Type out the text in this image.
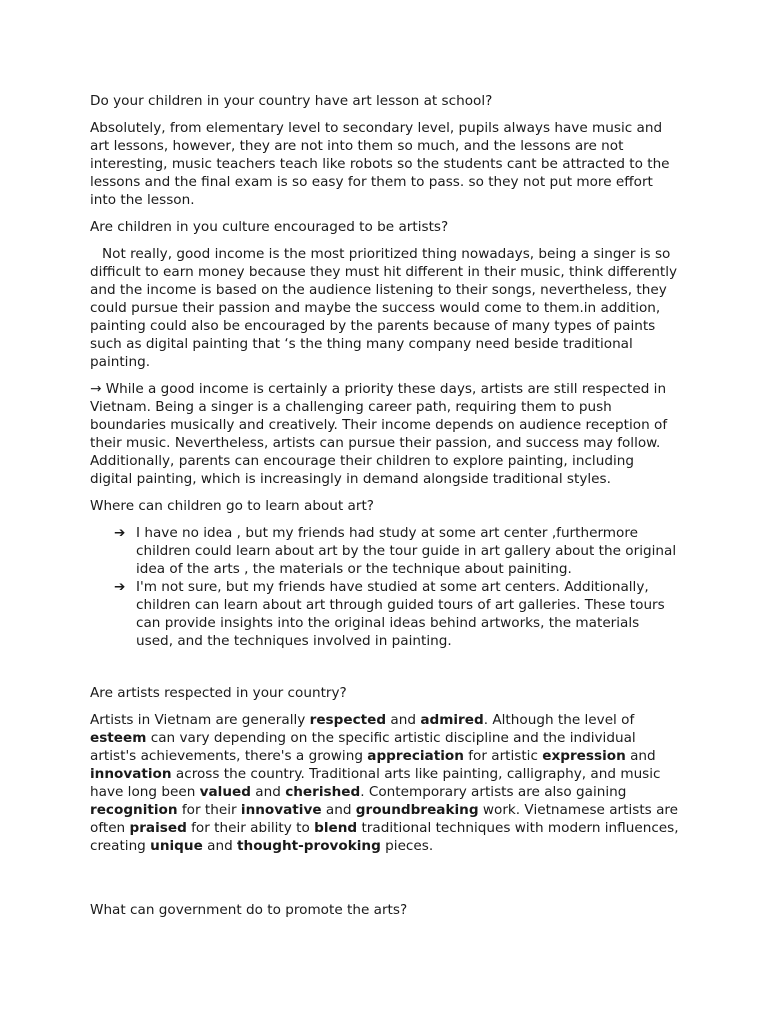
Do your children in your country have art lesson at school?

Absolutely, from elementary level to secondary level, pupils always have music and art lessons, however, they are not into them so much, and the lessons are not interesting, music teachers teach like robots so the students cant be attracted to the lessons and the final exam is so easy for them to pass. so they not put more effort into the lesson.

Are children in you culture encouraged to be artists?

Not really, good income is the most prioritized thing nowadays, being a singer is so difficult to earn money because they must hit different in their music, think differently and the income is based on the audience listening to their songs, nevertheless, they could pursue their passion and maybe the success would come to them.in addition, painting could also be encouraged by the parents because of many types of paints such as digital painting that ‘s the thing many company need beside traditional painting.

→ While a good income is certainly a priority these days, artists are still respected in Vietnam. Being a singer is a challenging career path, requiring them to push boundaries musically and creatively. Their income depends on audience reception of their music. Nevertheless, artists can pursue their passion, and success may follow. Additionally, parents can encourage their children to explore painting, including digital painting, which is increasingly in demand alongside traditional styles.

Where can children go to learn about art?

➔ I have no idea , but my friends had study at some art center ,furthermore children could learn about art by the tour guide in art gallery about the original idea of the arts , the materials or the technique about painiting.
➔ I'm not sure, but my friends have studied at some art centers. Additionally, children can learn about art through guided tours of art galleries. These tours can provide insights into the original ideas behind artworks, the materials used, and the techniques involved in painting.

Are artists respected in your country?

Artists in Vietnam are generally respected and admired. Although the level of esteem can vary depending on the specific artistic discipline and the individual artist's achievements, there's a growing appreciation for artistic expression and innovation across the country. Traditional arts like painting, calligraphy, and music have long been valued and cherished. Contemporary artists are also gaining recognition for their innovative and groundbreaking work. Vietnamese artists are often praised for their ability to blend traditional techniques with modern influences, creating unique and thought-provoking pieces.

What can government do to promote the arts?
